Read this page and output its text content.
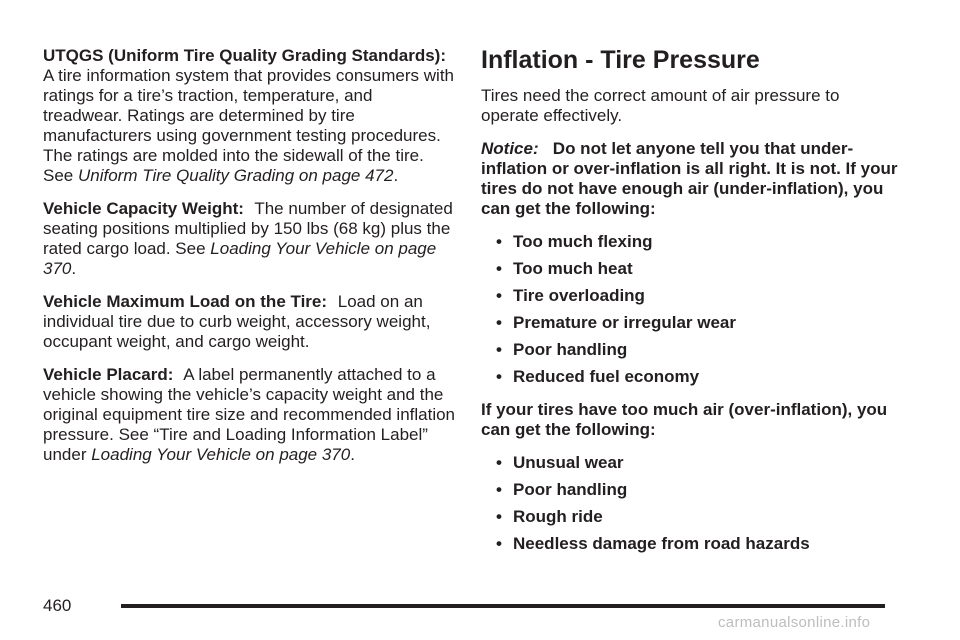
UTQGS (Uniform Tire Quality Grading Standards): A tire information system that provides consumers with ratings for a tire’s traction, temperature, and treadwear. Ratings are determined by tire manufacturers using government testing procedures. The ratings are molded into the sidewall of the tire. See Uniform Tire Quality Grading on page 472.

Vehicle Capacity Weight: The number of designated seating positions multiplied by 150 lbs (68 kg) plus the rated cargo load. See Loading Your Vehicle on page 370.

Vehicle Maximum Load on the Tire: Load on an individual tire due to curb weight, accessory weight, occupant weight, and cargo weight.

Vehicle Placard: A label permanently attached to a vehicle showing the vehicle’s capacity weight and the original equipment tire size and recommended inflation pressure. See “Tire and Loading Information Label” under Loading Your Vehicle on page 370.

Inflation - Tire Pressure

Tires need the correct amount of air pressure to operate effectively.

Notice: Do not let anyone tell you that under-inflation or over-inflation is all right. It is not. If your tires do not have enough air (under-inflation), you can get the following:

• Too much flexing
• Too much heat
• Tire overloading
• Premature or irregular wear
• Poor handling
• Reduced fuel economy

If your tires have too much air (over-inflation), you can get the following:

• Unusual wear
• Poor handling
• Rough ride
• Needless damage from road hazards
460
carmanualsonline.info
